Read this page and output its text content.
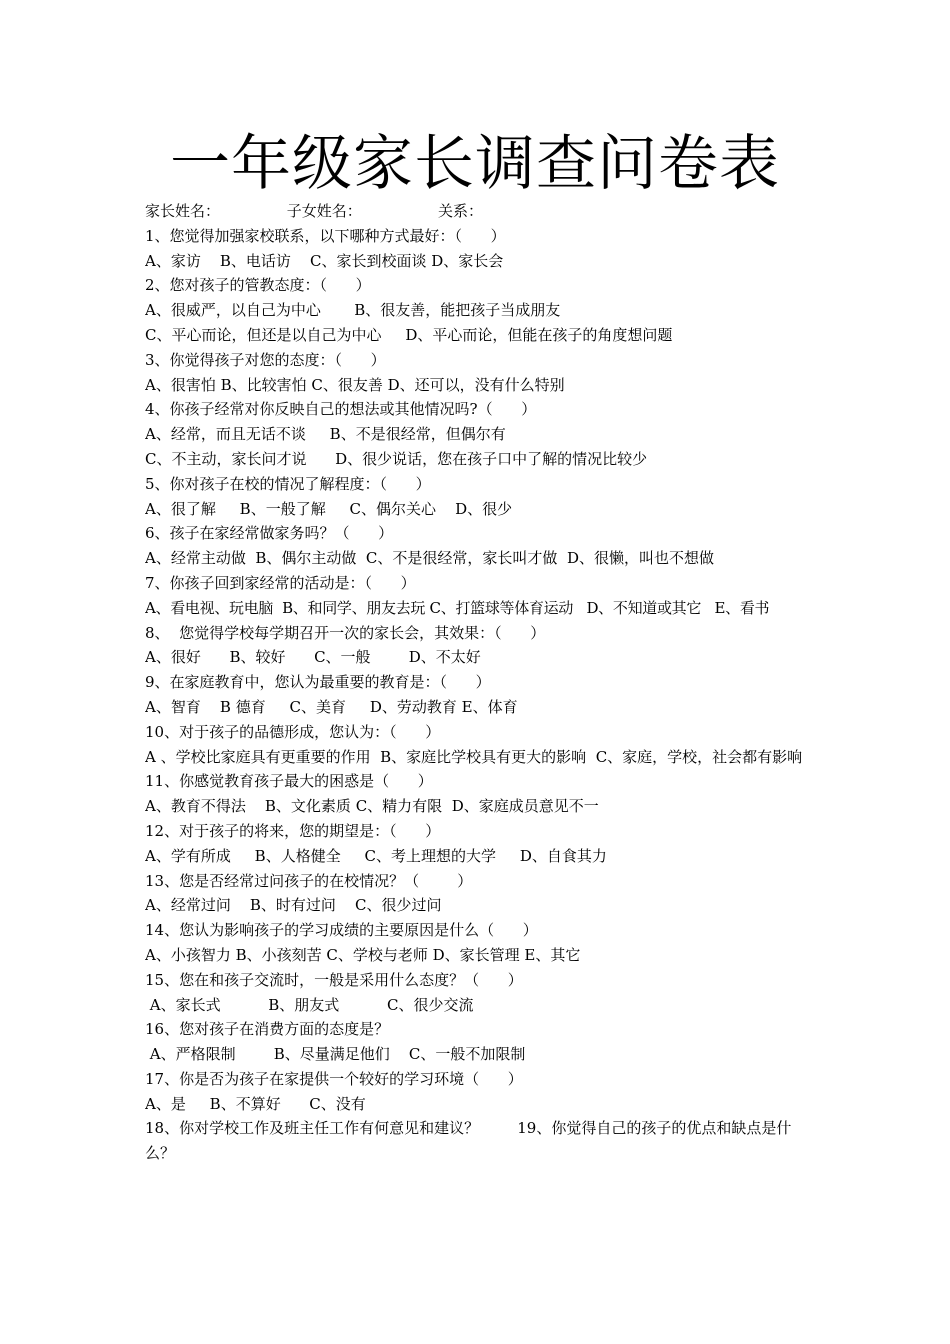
一年级家长调查问卷表
家长姓名：              子女姓名：                关系：
1、您觉得加强家校联系，以下哪种方式最好：（      ）
A、家访    B、电话访    C、家长到校面谈 D、家长会
2、您对孩子的管教态度：（      ）
A、很威严，以自己为中心       B、很友善，能把孩子当成朋友
C、平心而论，但还是以自己为中心     D、平心而论，但能在孩子的角度想问题
3、你觉得孩子对您的态度：（      ）
A、很害怕 B、比较害怕 C、很友善 D、还可以，没有什么特别
4、你孩子经常对你反映自己的想法或其他情况吗?（      ）
A、经常，而且无话不谈     B、不是很经常，但偶尔有
C、不主动，家长问才说      D、很少说话，您在孩子口中了解的情况比较少
5、你对孩子在校的情况了解程度：（      ）
A、很了解     B、一般了解     C、偶尔关心    D、很少
6、孩子在家经常做家务吗？（      ）
A、经常主动做  B、偶尔主动做  C、不是很经常，家长叫才做  D、很懒，叫也不想做
7、你孩子回到家经常的活动是：（      ）
A、看电视、玩电脑  B、和同学、朋友去玩 C、打篮球等体育运动   D、不知道或其它   E、看书
8、  您觉得学校每学期召开一次的家长会，其效果：（      ）
A、很好      B、较好      C、一般        D、不太好
9、在家庭教育中，您认为最重要的教育是：（      ）
A、智育    B 德育     C、美育     D、劳动教育 E、体育
10、对于孩子的品德形成，您认为：（      ）
A 、学校比家庭具有更重要的作用  B、家庭比学校具有更大的影响  C、家庭，学校，社会都有影响
11、你感觉教育孩子最大的困惑是（      ）
A、教育不得法    B、文化素质 C、精力有限  D、家庭成员意见不一
12、对于孩子的将来，您的期望是：（      ）
A、学有所成     B、人格健全     C、考上理想的大学     D、自食其力
13、您是否经常过问孩子的在校情况？（        ）
A、经常过问    B、时有过问    C、很少过问
14、您认为影响孩子的学习成绩的主要原因是什么（      ）
A、小孩智力 B、小孩刻苦 C、学校与老师 D、家长管理 E、其它
15、您在和孩子交流时，一般是采用什么态度？（      ）
A、家长式          B、朋友式          C、很少交流
16、您对孩子在消费方面的态度是？
A、严格限制        B、尽量满足他们    C、一般不加限制
17、你是否为孩子在家提供一个较好的学习环境（      ）
A、是     B、不算好      C、没有
18、你对学校工作及班主任工作有何意见和建议？        19、你觉得自己的孩子的优点和缺点是什么？
